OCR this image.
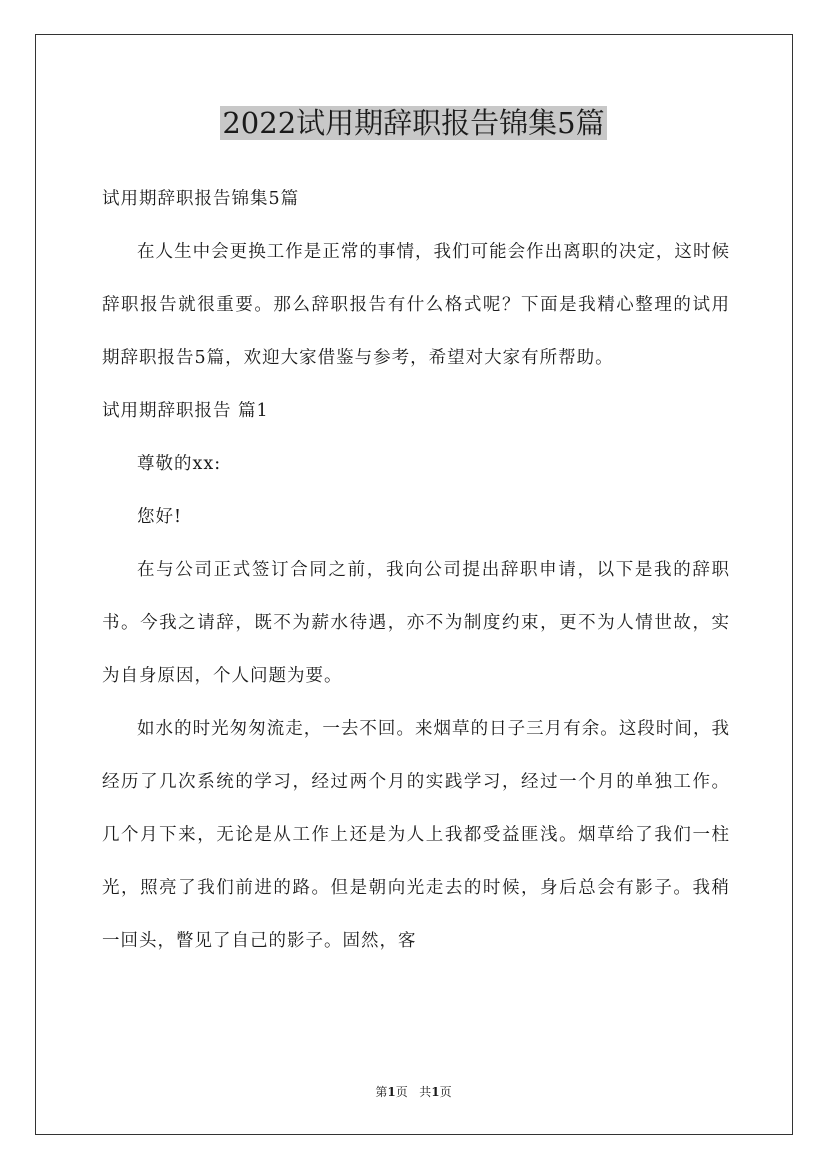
2022试用期辞职报告锦集5篇

试用期辞职报告锦集5篇

在人生中会更换工作是正常的事情，我们可能会作出离职的决定，这时候辞职报告就很重要。那么辞职报告有什么格式呢？下面是我精心整理的试用期辞职报告5篇，欢迎大家借鉴与参考，希望对大家有所帮助。

试用期辞职报告 篇1

尊敬的xx:

您好!

在与公司正式签订合同之前，我向公司提出辞职申请，以下是我的辞职书。今我之请辞，既不为薪水待遇，亦不为制度约束，更不为人情世故，实为自身原因，个人问题为要。

如水的时光匆匆流走，一去不回。来烟草的日子三月有余。这段时间，我经历了几次系统的学习，经过两个月的实践学习，经过一个月的单独工作。几个月下来，无论是从工作上还是为人上我都受益匪浅。烟草给了我们一柱光，照亮了我们前进的路。但是朝向光走去的时候，身后总会有影子。我稍一回头，瞥见了自己的影子。固然，客

第1页   共1页
